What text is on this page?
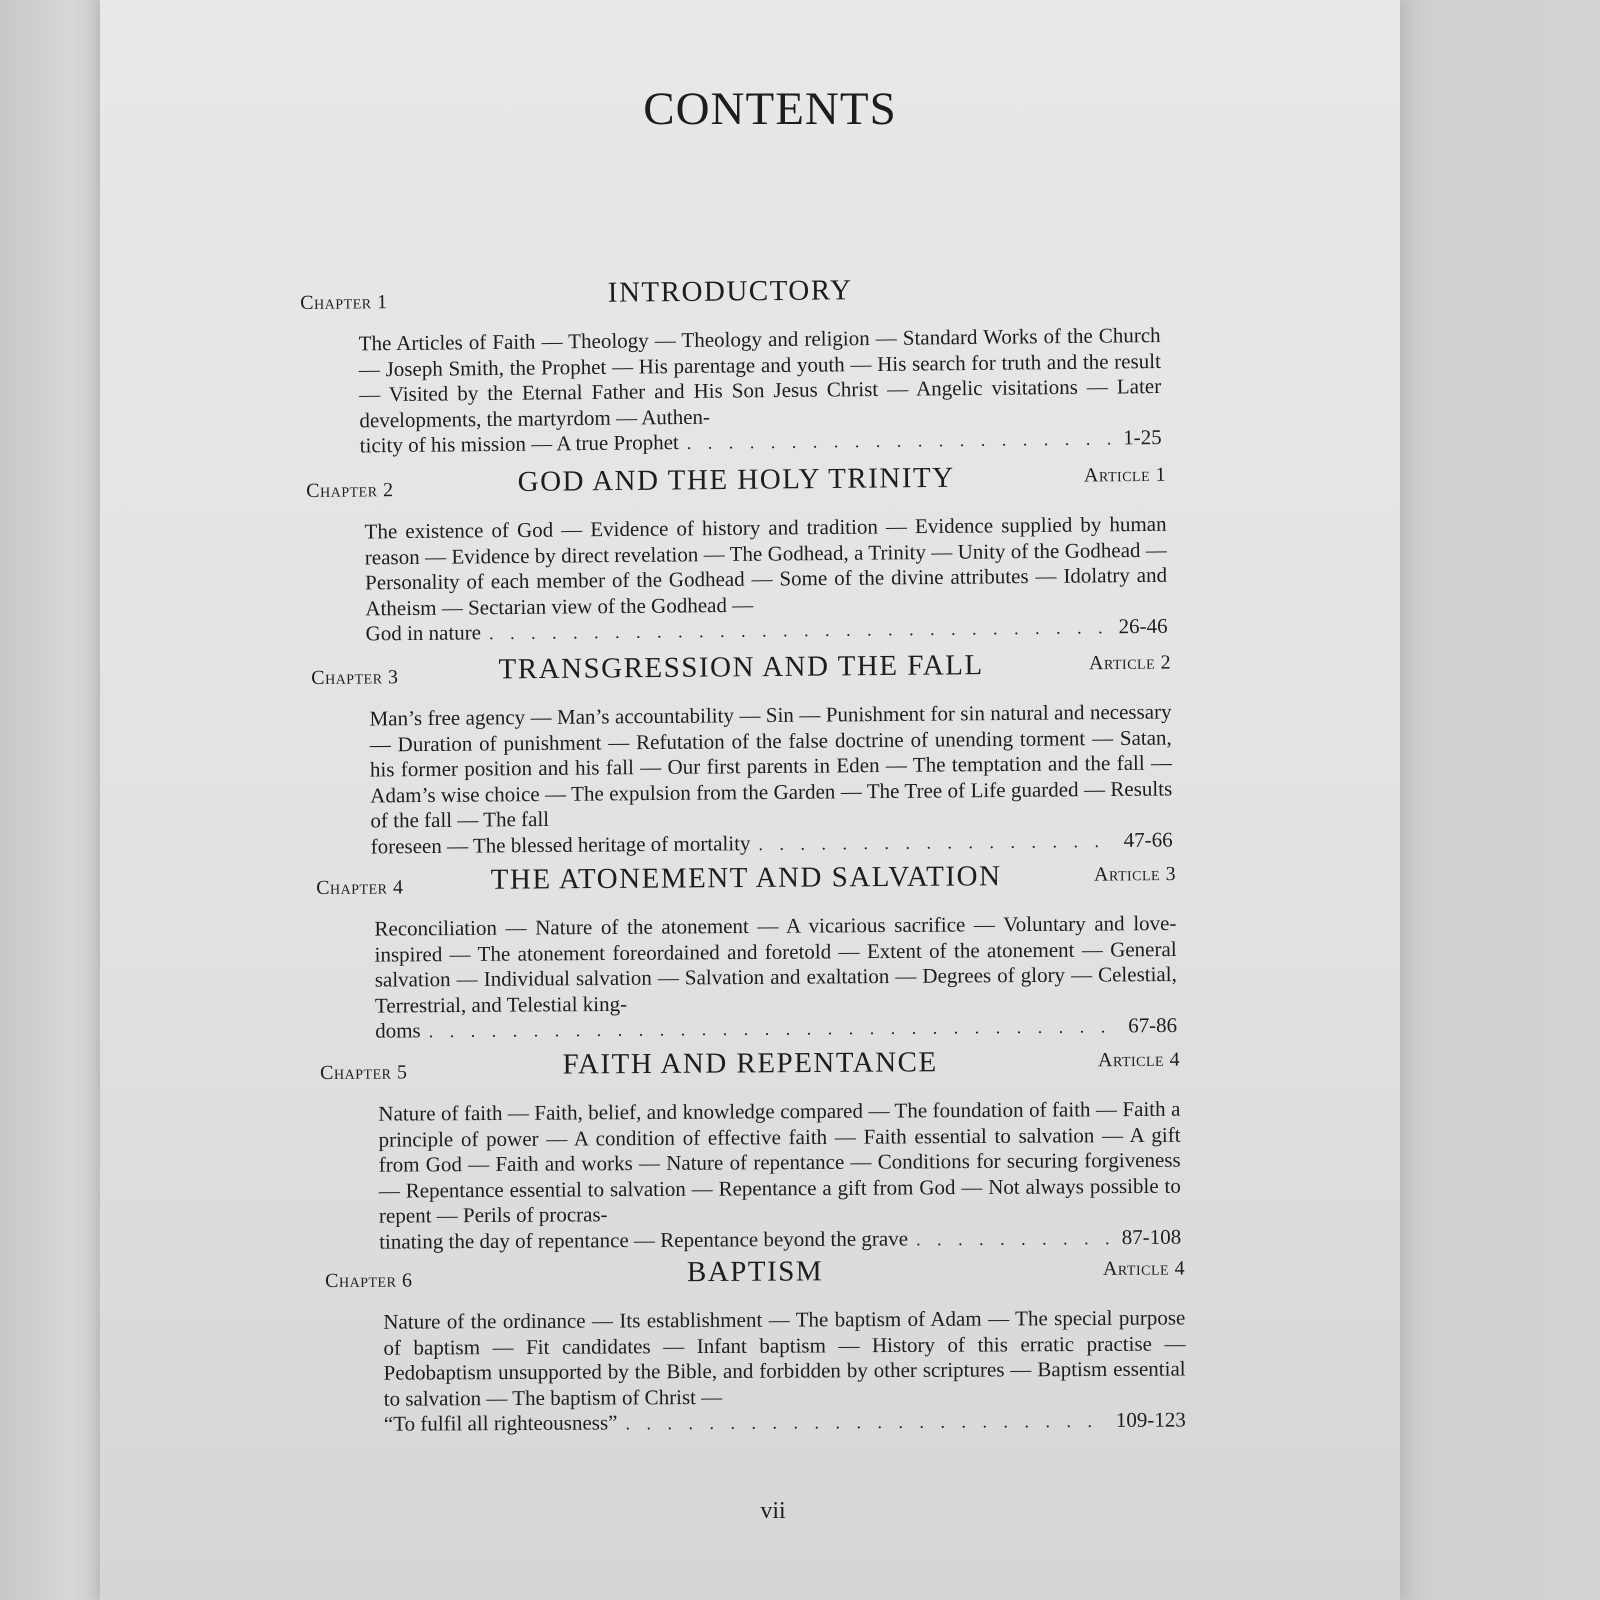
CONTENTS
Chapter 1	INTRODUCTORY
The Articles of Faith — Theology — Theology and religion — Standard Works of the Church — Joseph Smith, the Prophet — His parentage and youth — His search for truth and the result — Visited by the Eternal Father and His Son Jesus Christ — Angelic visitations — Later developments, the martyrdom — Authen-
ticity of his mission — A true Prophet . . .	1-25
Chapter 2	GOD AND THE HOLY TRINITY	Article 1
The existence of God — Evidence of history and tradition — Evidence supplied by human reason — Evidence by direct revelation — The Godhead, a Trinity — Unity of the Godhead — Personality of each member of the Godhead — Some of the divine attributes — Idolatry and Atheism — Sectarian view of the Godhead —
God in nature . . .	26-46
Chapter 3	TRANSGRESSION AND THE FALL	Article 2
Man’s free agency — Man’s accountability — Sin — Punishment for sin natural and necessary — Duration of punishment — Refutation of the false doctrine of unending torment — Satan, his former position and his fall — Our first parents in Eden — The temptation and the fall — Adam’s wise choice — The expulsion from the Garden — The Tree of Life guarded — Results of the fall — The fall
foreseen — The blessed heritage of mortality . . .	47-66
Chapter 4	THE ATONEMENT AND SALVATION	Article 3
Reconciliation — Nature of the atonement — A vicarious sacrifice — Voluntary and love-inspired — The atonement foreordained and foretold — Extent of the atonement — General salvation — Individual salvation — Salvation and exaltation — Degrees of glory — Celestial, Terrestrial, and Telestial king-
doms . . .	67-86
Chapter 5	FAITH AND REPENTANCE	Article 4
Nature of faith — Faith, belief, and knowledge compared — The foundation of faith — Faith a principle of power — A condition of effective faith — Faith essential to salvation — A gift from God — Faith and works — Nature of repentance — Conditions for securing forgiveness — Repentance essential to salvation — Repentance a gift from God — Not always possible to repent — Perils of procras-
tinating the day of repentance — Repentance beyond the grave . . .	87-108
Chapter 6	BAPTISM	Article 4
Nature of the ordinance — Its establishment — The baptism of Adam — The special purpose of baptism — Fit candidates — Infant baptism — History of this erratic practise — Pedobaptism unsupported by the Bible, and forbidden by other scriptures — Baptism essential to salvation — The baptism of Christ —
“To fulfil all righteousness” . . .	109-123
vii
